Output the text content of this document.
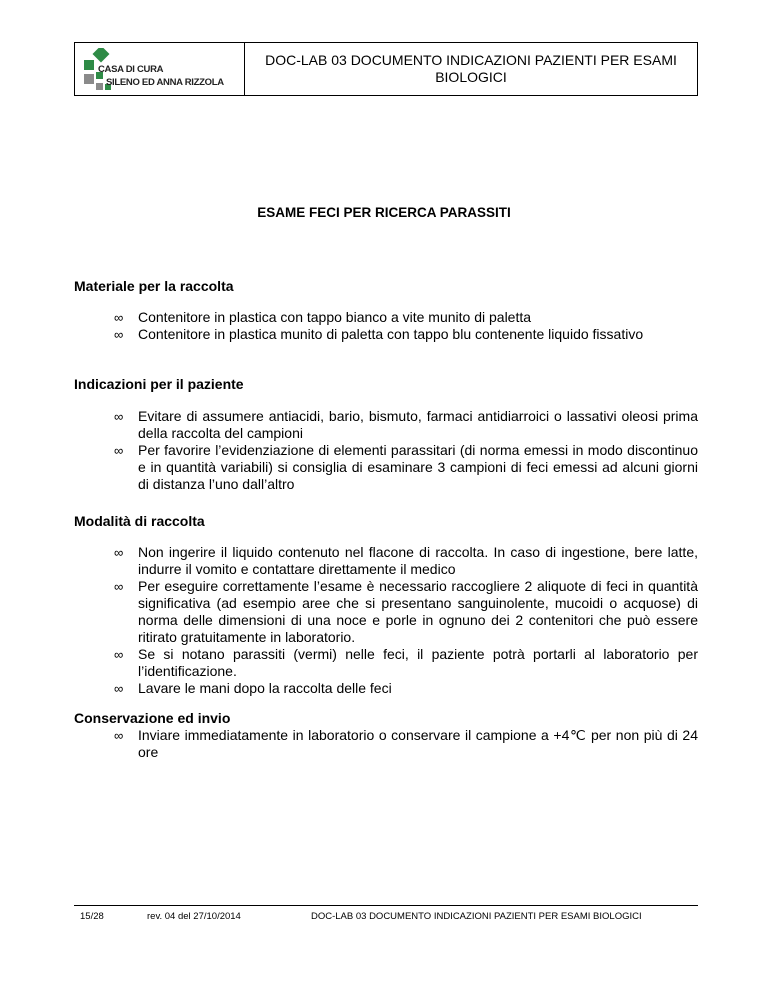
CASA DI CURA
SILENO ED ANNA RIZZOLA
DOC-LAB 03 DOCUMENTO INDICAZIONI PAZIENTI PER ESAMI BIOLOGICI
ESAME FECI PER RICERCA PARASSITI
Materiale per la raccolta
∞ Contenitore in plastica con tappo bianco a vite munito di paletta
∞ Contenitore in plastica munito di paletta con tappo blu contenente liquido fissativo
Indicazioni per il paziente
∞ Evitare di assumere antiacidi, bario, bismuto, farmaci antidiarroici o lassativi oleosi prima della raccolta del campioni
∞ Per favorire l’evidenziazione di elementi parassitari (di norma emessi in modo discontinuo e in quantità variabili) si consiglia di esaminare 3 campioni di feci emessi ad alcuni giorni di distanza l’uno dall’altro
Modalità di raccolta
∞ Non ingerire il liquido contenuto nel flacone di raccolta. In caso di ingestione, bere latte, indurre il vomito e contattare direttamente il medico
∞ Per eseguire correttamente l’esame è necessario raccogliere 2 aliquote di feci in quantità significativa (ad esempio aree che si presentano sanguinolente, mucoidi o acquose) di norma delle dimensioni di una noce e porle in ognuno dei 2 contenitori che può essere ritirato gratuitamente in laboratorio.
∞ Se si notano parassiti (vermi) nelle feci, il paziente potrà portarli al laboratorio per l’identificazione.
∞ Lavare le mani dopo la raccolta delle feci
Conservazione ed invio
∞ Inviare immediatamente in laboratorio o conservare il campione a +4℃ per non più di 24 ore
15/28	rev. 04 del 27/10/2014	DOC-LAB 03 DOCUMENTO INDICAZIONI PAZIENTI PER ESAMI BIOLOGICI
